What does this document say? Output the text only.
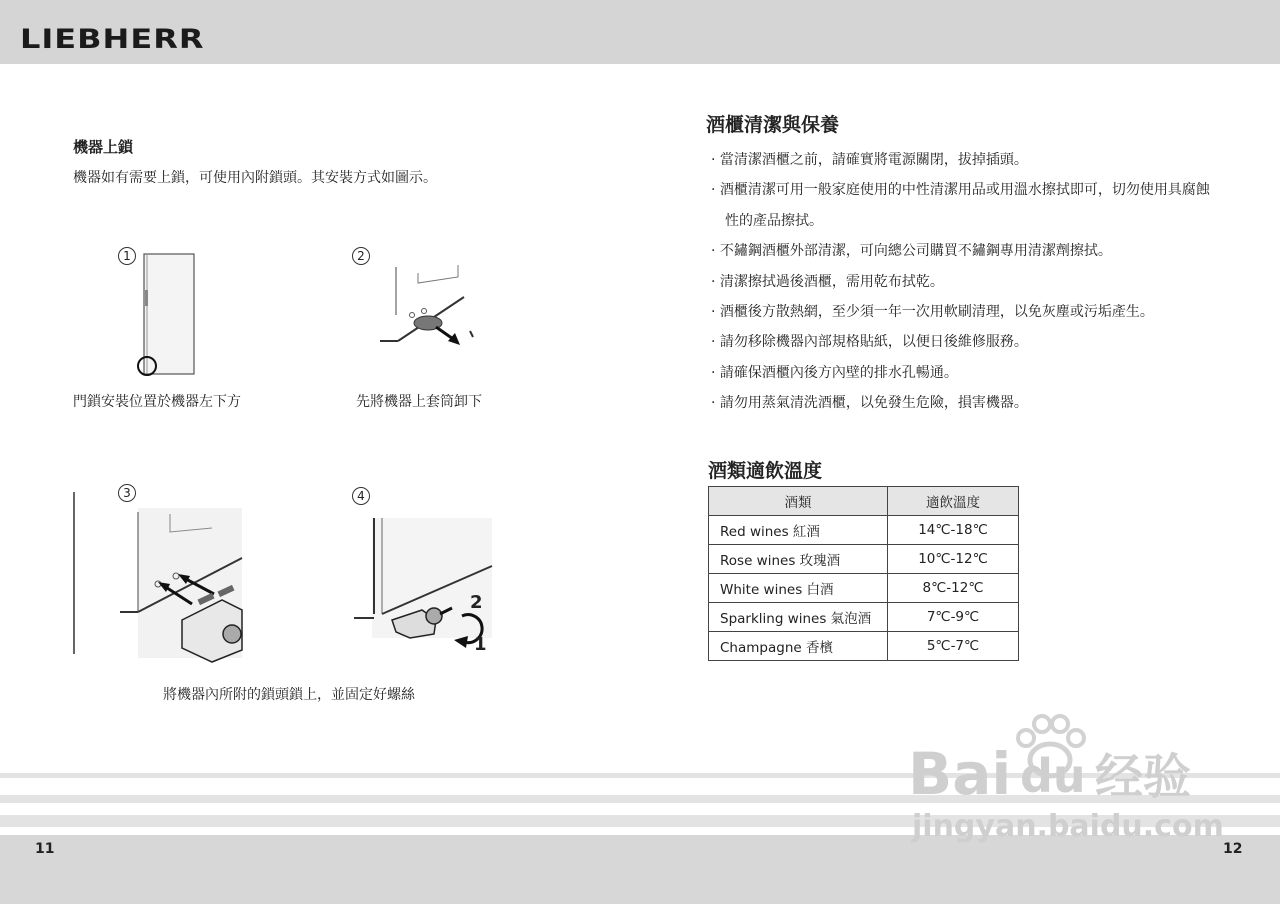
LIEBHERR
機器上鎖
機器如有需要上鎖，可使用內附鎖頭。其安裝方式如圖示。
1
門鎖安裝位置於機器左下方
2
先將機器上套筒卸下
3	4
2
1
將機器內所附的鎖頭鎖上，並固定好螺絲
酒櫃清潔與保養
· 當清潔酒櫃之前，請確實將電源關閉，拔掉插頭。
· 酒櫃清潔可用一般家庭使用的中性清潔用品或用溫水擦拭即可，切勿使用具腐蝕性的產品擦拭。
· 不鏽鋼酒櫃外部清潔，可向總公司購買不鏽鋼專用清潔劑擦拭。
· 清潔擦拭過後酒櫃，需用乾布拭乾。
· 酒櫃後方散熱網，至少須一年一次用軟刷清理，以免灰塵或污垢產生。
· 請勿移除機器內部規格貼紙，以便日後維修服務。
· 請確保酒櫃內後方內壁的排水孔暢通。
· 請勿用蒸氣清洗酒櫃，以免發生危險，損害機器。
酒類適飲溫度
酒類	適飲溫度
Red wines 紅酒	14℃-18℃
Rose wines 玫瑰酒	10℃-12℃
White wines 白酒	8℃-12℃
Sparkling wines 氣泡酒	7℃-9℃
Champagne 香檳	5℃-7℃
11	12
Bai du 经验
jingyan.baidu.com
